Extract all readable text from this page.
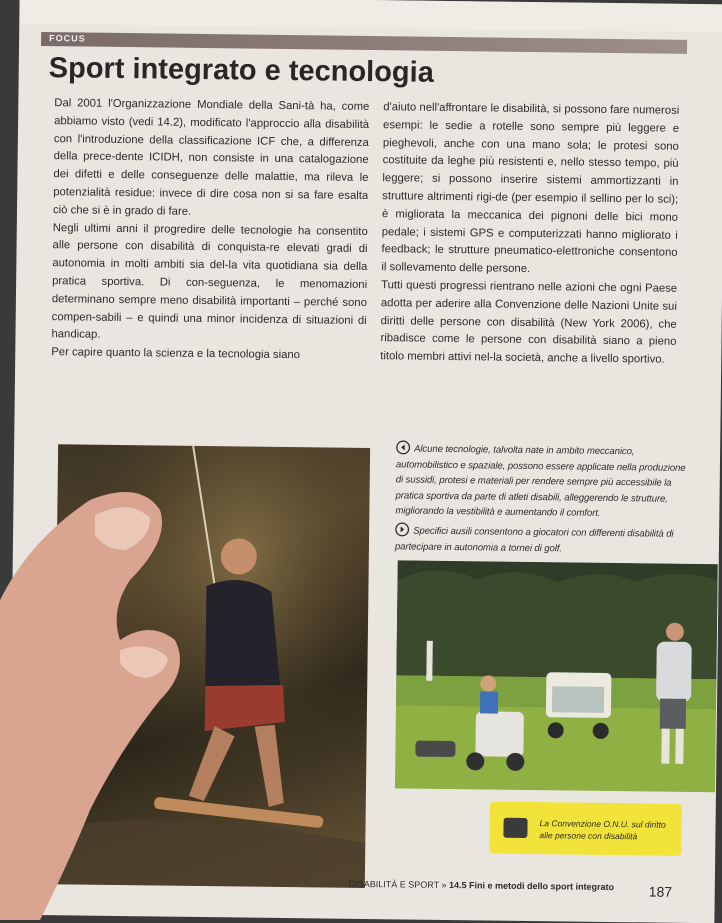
FOCUS
Sport integrato e tecnologia

Dal 2001 l'Organizzazione Mondiale della Sani-tà ha, come abbiamo visto (vedi 14.2), modificato l'approccio alla disabilità con l'introduzione della classificazione ICF che, a differenza della prece-dente ICIDH, non consiste in una catalogazione dei difetti e delle conseguenze delle malattie, ma rileva le potenzialità residue: invece di dire cosa non si sa fare esalta ciò che si è in grado di fare.

Negli ultimi anni il progredire delle tecnologie ha consentito alle persone con disabilità di conquista-re elevati gradi di autonomia in molti ambiti sia del-la vita quotidiana sia della pratica sportiva. Di con-seguenza, le menomazioni determinano sempre meno disabilità importanti – perché sono compen-sabili – e quindi una minor incidenza di situazioni di handicap.

Per capire quanto la scienza e la tecnologia siano

d'aiuto nell'affrontare le disabilità, si possono fare numerosi esempi: le sedie a rotelle sono sempre più leggere e pieghevoli, anche con una mano sola; le protesi sono costituite da leghe più resistenti e, nello stesso tempo, più leggere; si possono inserire sistemi ammortizzanti in strutture altrimenti rigi-de (per esempio il sellino per lo sci); è migliorata la meccanica dei pignoni delle bici mono pedale; i sistemi GPS e computerizzati hanno migliorato i feedback; le strutture pneumatico-elettroniche consentono il sollevamento delle persone.

Tutti questi progressi rientrano nelle azioni che ogni Paese adotta per aderire alla Convenzione delle Nazioni Unite sui diritti delle persone con disabilità (New York 2006), che ribadisce come le persone con disabilità siano a pieno titolo membri attivi nel-la società, anche a livello sportivo.

Alcune tecnologie, talvolta nate in ambito meccanico, automobilistico e spaziale, possono essere applicate nella produzione di sussidi, protesi e materiali per rendere sempre più accessibile la pratica sportiva da parte di atleti disabili, alleggerendo le strutture, migliorando la vestibilità e aumentando il comfort.
Specifici ausili consentono a giocatori con differenti disabilità di partecipare in autonomia a tornei di golf.
La Convenzione O.N.U. sul diritto alle persone con disabilità
DISABILITÀ E SPORT » 14.5 Fini e metodi dello sport integrato 187
